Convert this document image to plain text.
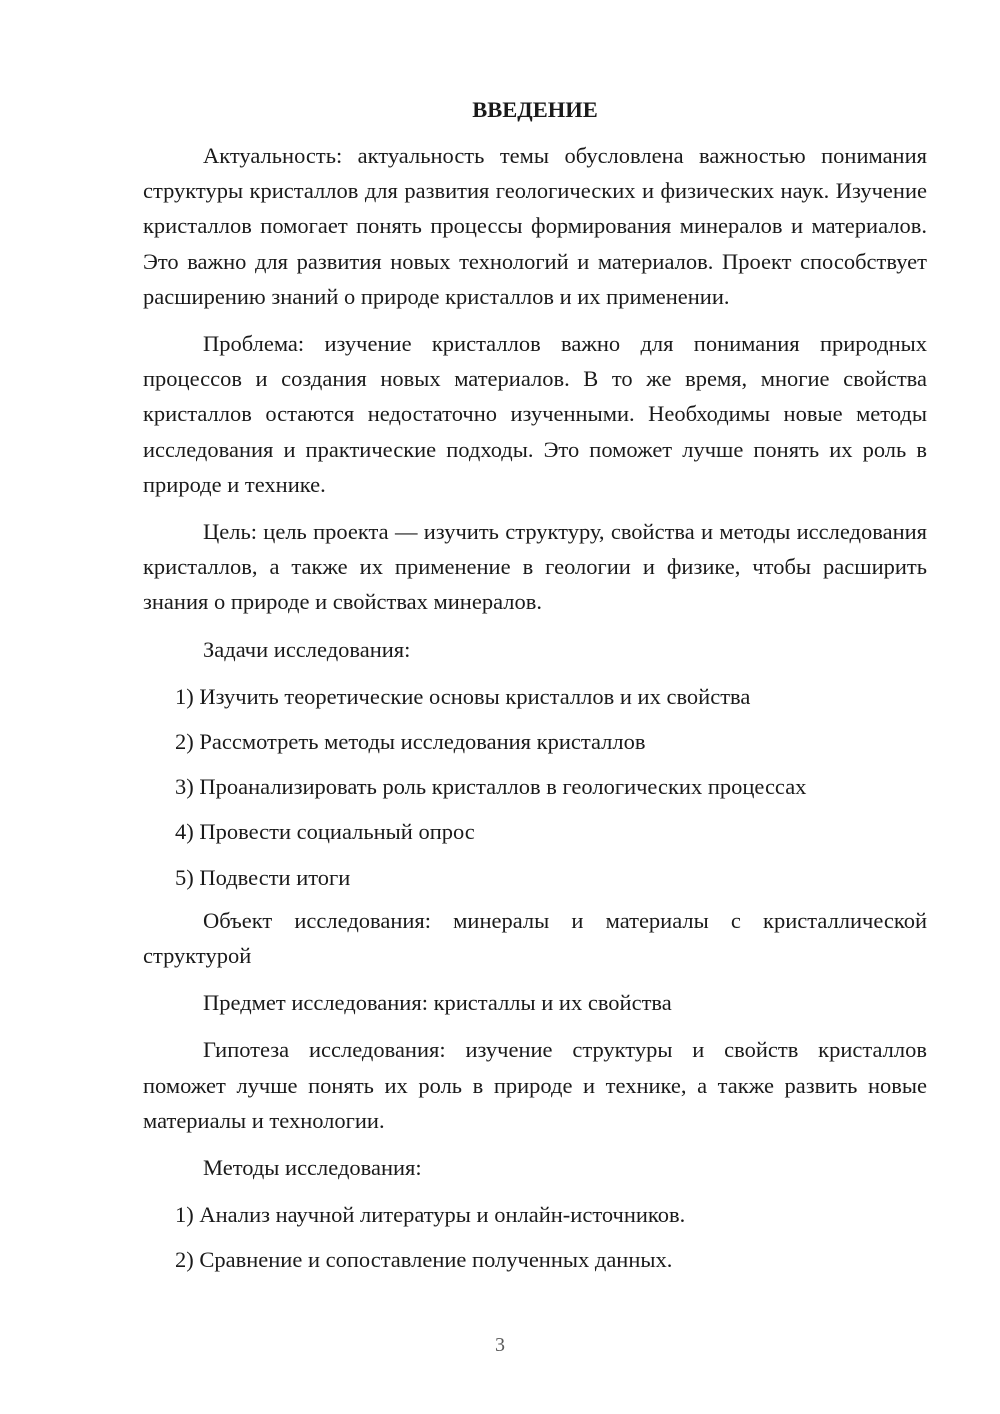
ВВЕДЕНИЕ

Актуальность: актуальность темы обусловлена важностью понимания структуры кристаллов для развития геологических и физических наук. Изучение кристаллов помогает понять процессы формирования минералов и материалов. Это важно для развития новых технологий и материалов. Проект способствует расширению знаний о природе кристаллов и их применении.

Проблема: изучение кристаллов важно для понимания природных процессов и создания новых материалов. В то же время, многие свойства кристаллов остаются недостаточно изученными. Необходимы новые методы исследования и практические подходы. Это поможет лучше понять их роль в природе и технике.

Цель: цель проекта — изучить структуру, свойства и методы исследования кристаллов, а также их применение в геологии и физике, чтобы расширить знания о природе и свойствах минералов.

Задачи исследования:

1) Изучить теоретические основы кристаллов и их свойства
2) Рассмотреть методы исследования кристаллов
3) Проанализировать роль кристаллов в геологических процессах
4) Провести социальный опрос
5) Подвести итоги

Объект исследования: минералы и материалы с кристаллической структурой

Предмет исследования: кристаллы и их свойства

Гипотеза исследования: изучение структуры и свойств кристаллов поможет лучше понять их роль в природе и технике, а также развить новые материалы и технологии.

Методы исследования:

1) Анализ научной литературы и онлайн-источников.
2) Сравнение и сопоставление полученных данных.
3
